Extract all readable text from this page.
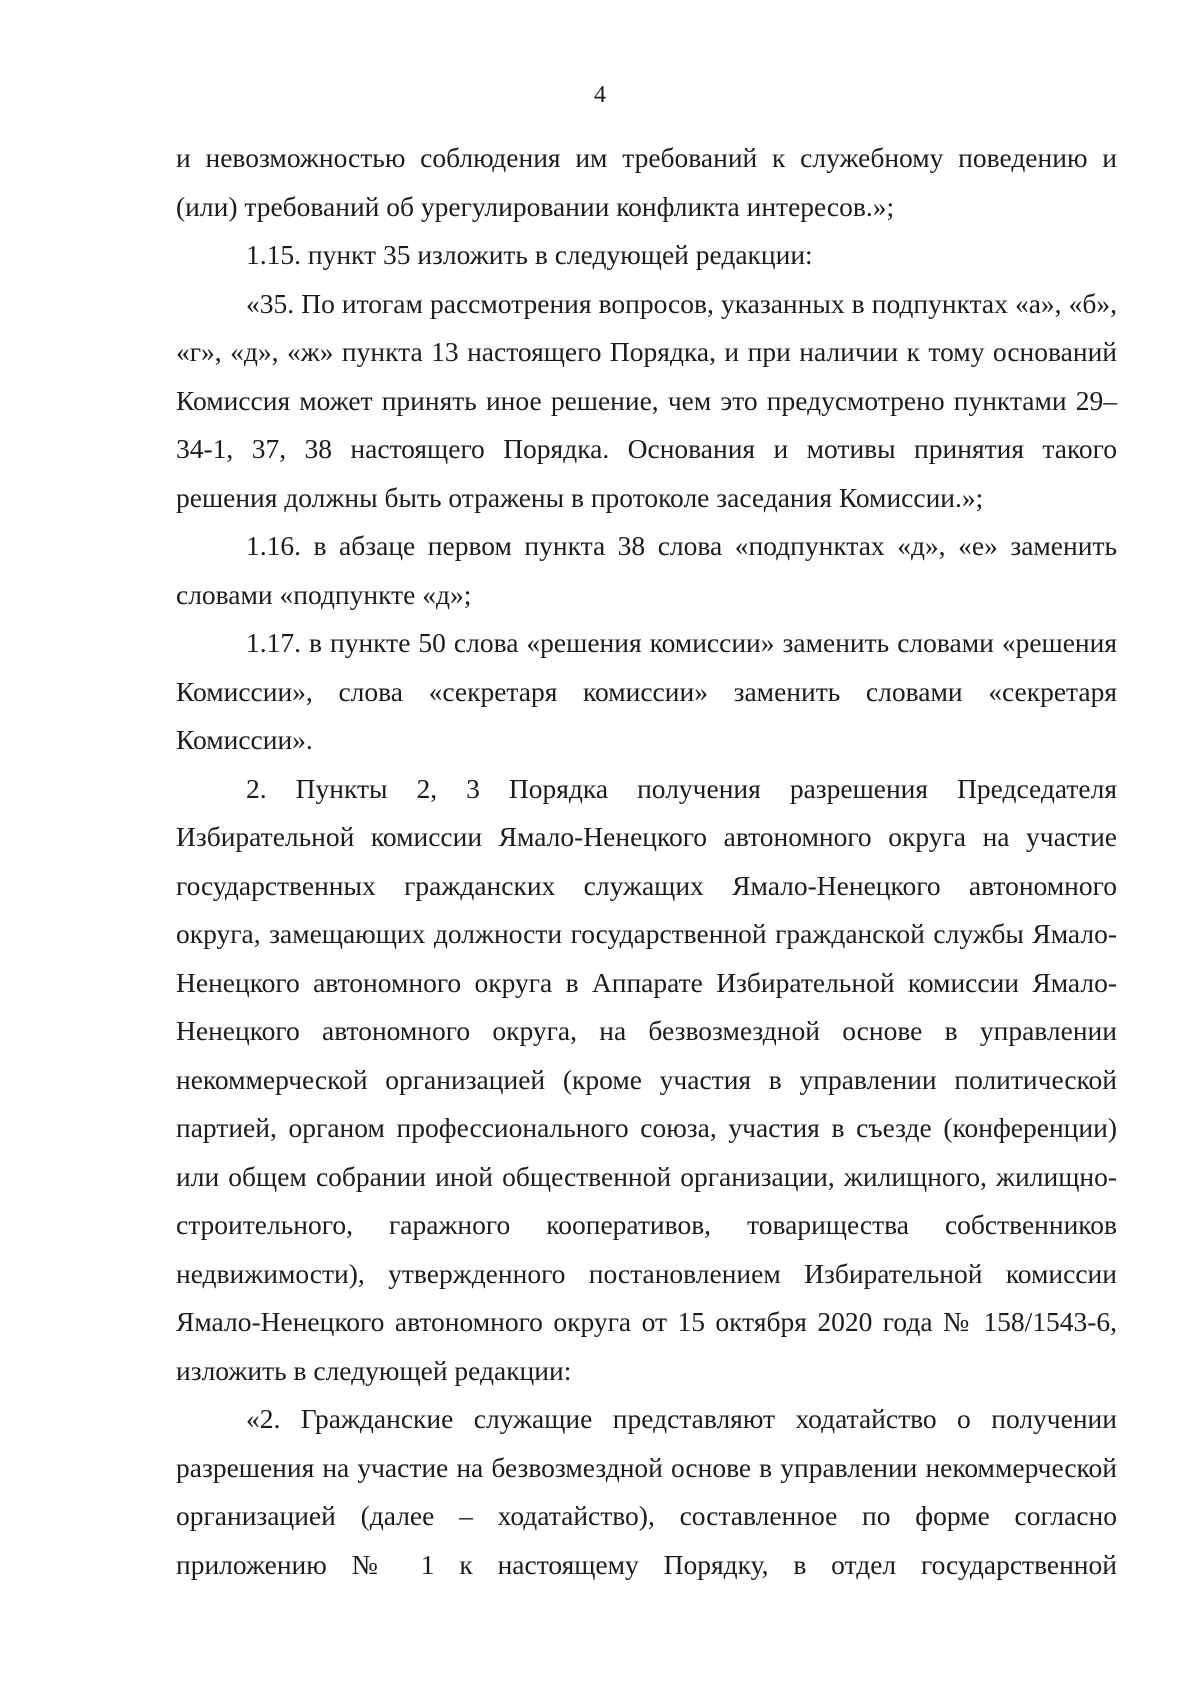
4

и невозможностью соблюдения им требований к служебному поведению и (или) требований об урегулировании конфликта интересов.»;

1.15. пункт 35 изложить в следующей редакции:

«35. По итогам рассмотрения вопросов, указанных в подпунктах «а», «б», «г», «д», «ж» пункта 13 настоящего Порядка, и при наличии к тому оснований Комиссия может принять иное решение, чем это предусмотрено пунктами 29–34-1, 37, 38 настоящего Порядка. Основания и мотивы принятия такого решения должны быть отражены в протоколе заседания Комиссии.»;

1.16. в абзаце первом пункта 38 слова «подпунктах «д», «е» заменить словами «подпункте «д»;

1.17. в пункте 50 слова «решения комиссии» заменить словами «решения Комиссии», слова «секретаря комиссии» заменить словами «секретаря Комиссии».

2. Пункты 2, 3 Порядка получения разрешения Председателя Избирательной комиссии Ямало-Ненецкого автономного округа на участие государственных гражданских служащих Ямало-Ненецкого автономного округа, замещающих должности государственной гражданской службы Ямало-Ненецкого автономного округа в Аппарате Избирательной комиссии Ямало-Ненецкого автономного округа, на безвозмездной основе в управлении некоммерческой организацией (кроме участия в управлении политической партией, органом профессионального союза, участия в съезде (конференции) или общем собрании иной общественной организации, жилищного, жилищно-строительного, гаражного кооперативов, товарищества собственников недвижимости), утвержденного постановлением Избирательной комиссии Ямало-Ненецкого автономного округа от 15 октября 2020 года № 158/1543-6, изложить в следующей редакции:

«2. Гражданские служащие представляют ходатайство о получении разрешения на участие на безвозмездной основе в управлении некоммерческой организацией (далее – ходатайство), составленное по форме согласно приложению № 1 к настоящему Порядку, в отдел государственной
